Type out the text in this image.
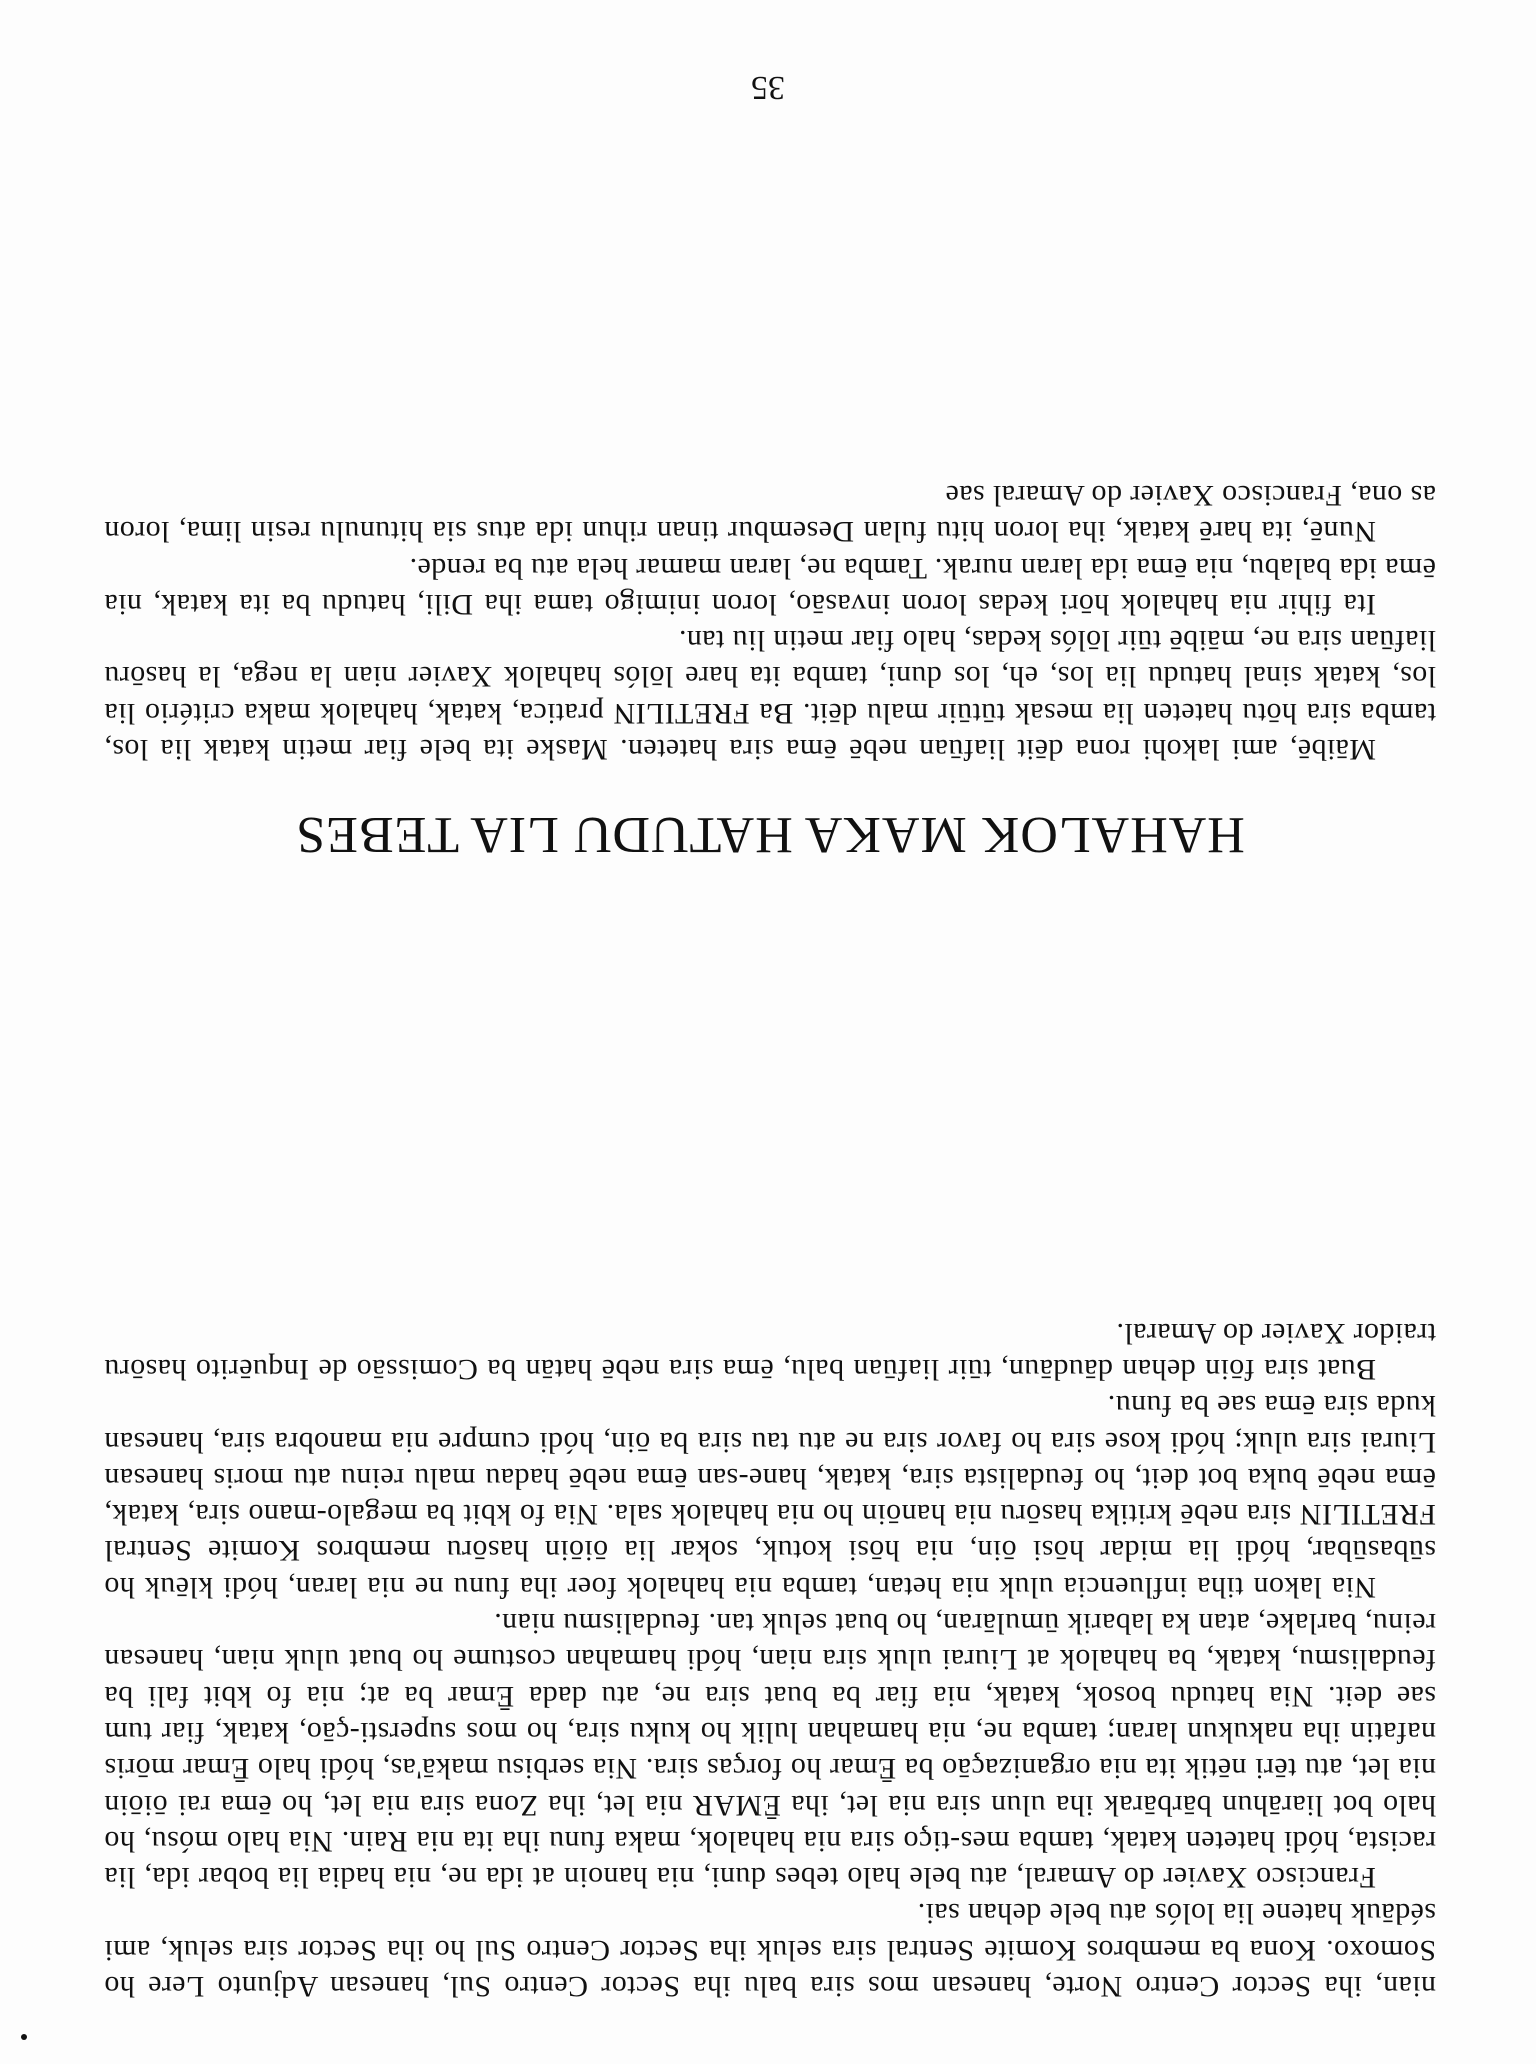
nian, iha Sector Centro Norte, hanesan mos sira balu iha Sector Centro Sul, hanesan Adjunto Lere ho Somoxo. Kona ba membros Komite Sentral sira seluk iha Sector Centro Sul ho iha Sector sira seluk, ami sédāuk hatene lia lolós atu bele dehan sai.

Francisco Xavier do Amaral, atu bele halo tebes duni, nia hanoin at ida ne, nia hadia lia bobar ida, lia racista, hódi hateten katak, tamba mes-tiço sira nia hahalok, maka funu iha ita nia Rain. Nia halo mósu, ho halo bot liarāhun bārbārak iha ulun sira nia let, iha ĒMAR nia let, iha Zona sira nia let, ho ēma rai ōiōin nia let, atu tēri nētik ita nia organizaçāo ba Ēmar ho forças sira. Nia serbisu makā'as, hódi halo Ēmar mōris nafatin iha nakukun laran; tamba ne, nia hamahan lulik ho kuku sira, ho mos supersti-çāo, katak, fiar tum sae deit. Nia hatudu bosok, katak, nia fiar ba buat sira ne, atu dada Ēmar ba at; nia fo kbit fali ba feudalismu, katak, ba hahalok at Liurai uluk sira nian, hódi hamahan costume ho buat uluk nian, hanesan reinu, barlake, atan ka labarik ūmulāran, ho buat seluk tan. feudalismu nian.

Nia lakon tiha influencia uluk nia hetan, tamba nia hahalok foer iha funu ne nia laran, hódi klēuk ho sūbasūbar, hódi lia midar hōsi ōin, nia hōsi kotuk, sokar lia ōiōin hasōru membros Komite Sentral FRETILIN sira nebē kritika hasōru nia hanōin ho nia hahalok sala. Nia fo kbit ba megalo-mano sira, katak, ēma nebē buka bot deit, ho feudalista sira, katak, hane-san ēma nebē hadau malu reinu atu moris hanesan Liurai sira uluk; hódi kose sira ho favor sira ne atu tau sira ba ōin, hódi cumpre nia manobra sira, hanesan kuda sira ēma sae ba funu.

Buat sira fōin dehan dāudāun, tūir liafūan balu, ēma sira nebē hatān ba Comissāo de Inquērito hasōru traidor Xavier do Amaral.

HAHALOK MAKA HATUDU LIA TEBES

Māibē, ami lakohi rona dēit liafūan nebē ēma sira hateten. Maske ita bele fiar metin katak lia los, tamba sira hōtu hateten lia mesak tūtūir malu dēit. Ba FRETILIN pratica, katak, hahalok maka critério lia los, katak sinal hatudu lia los, eh, los duni, tamba ita hare lōlós hahalok Xavier nian la nega, la hasōru liafūan sira ne, māibē tūir lōlós kedas, halo fiar metin liu tan.

Ita fihir nia hahalok hōri kedas loron invasāo, loron inimigo tama iha Dili, hatudu ba ita katak, nia ēma ida balabu, nia ēma ida laran nurak. Tamba ne, laran mamar hela atu ba rende.

Nunē, ita harē katak, iha loron hitu fulan Desembur tinan rihun ida atus sia hitunulu resin lima, loron as ona, Francisco Xavier do Amaral sae

35
